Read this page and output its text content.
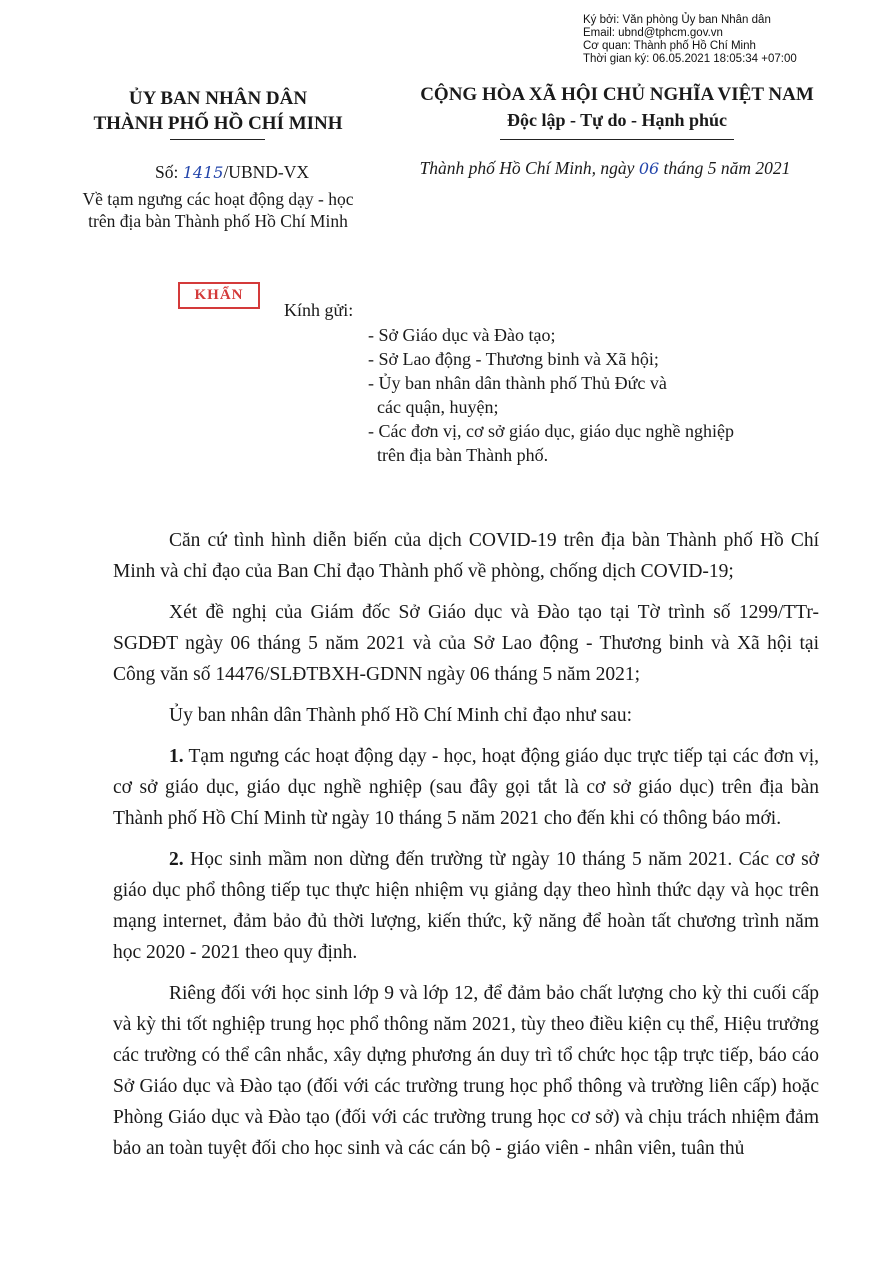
Ký bởi: Văn phòng Ủy ban Nhân dân
Email: ubnd@tphcm.gov.vn
Cơ quan: Thành phố Hồ Chí Minh
Thời gian ký: 06.05.2021 18:05:34 +07:00
ỦY BAN NHÂN DÂN
THÀNH PHỐ HỒ CHÍ MINH
CỘNG HÒA XÃ HỘI CHỦ NGHĨA VIỆT NAM
Độc lập - Tự do - Hạnh phúc
Số: 1415/UBND-VX
Về tạm ngưng các hoạt động dạy - học trên địa bàn Thành phố Hồ Chí Minh
Thành phố Hồ Chí Minh, ngày 06 tháng 5 năm 2021
KHẨN
Kính gửi:
- Sở Giáo dục và Đào tạo;
- Sở Lao động - Thương binh và Xã hội;
- Ủy ban nhân dân thành phố Thủ Đức và
các quận, huyện;
- Các đơn vị, cơ sở giáo dục, giáo dục nghề nghiệp
trên địa bàn Thành phố.

Căn cứ tình hình diễn biến của dịch COVID-19 trên địa bàn Thành phố Hồ Chí Minh và chỉ đạo của Ban Chỉ đạo Thành phố về phòng, chống dịch COVID-19;

Xét đề nghị của Giám đốc Sở Giáo dục và Đào tạo tại Tờ trình số 1299/TTr-SGDĐT ngày 06 tháng 5 năm 2021 và của Sở Lao động - Thương binh và Xã hội tại Công văn số 14476/SLĐTBXH-GDNN ngày 06 tháng 5 năm 2021;

Ủy ban nhân dân Thành phố Hồ Chí Minh chỉ đạo như sau:

1. Tạm ngưng các hoạt động dạy - học, hoạt động giáo dục trực tiếp tại các đơn vị, cơ sở giáo dục, giáo dục nghề nghiệp (sau đây gọi tắt là cơ sở giáo dục) trên địa bàn Thành phố Hồ Chí Minh từ ngày 10 tháng 5 năm 2021 cho đến khi có thông báo mới.

2. Học sinh mầm non dừng đến trường từ ngày 10 tháng 5 năm 2021. Các cơ sở giáo dục phổ thông tiếp tục thực hiện nhiệm vụ giảng dạy theo hình thức dạy và học trên mạng internet, đảm bảo đủ thời lượng, kiến thức, kỹ năng để hoàn tất chương trình năm học 2020 - 2021 theo quy định.

Riêng đối với học sinh lớp 9 và lớp 12, để đảm bảo chất lượng cho kỳ thi cuối cấp và kỳ thi tốt nghiệp trung học phổ thông năm 2021, tùy theo điều kiện cụ thể, Hiệu trưởng các trường có thể cân nhắc, xây dựng phương án duy trì tổ chức học tập trực tiếp, báo cáo Sở Giáo dục và Đào tạo (đối với các trường trung học phổ thông và trường liên cấp) hoặc Phòng Giáo dục và Đào tạo (đối với các trường trung học cơ sở) và chịu trách nhiệm đảm bảo an toàn tuyệt đối cho học sinh và các cán bộ - giáo viên - nhân viên, tuân thủ
